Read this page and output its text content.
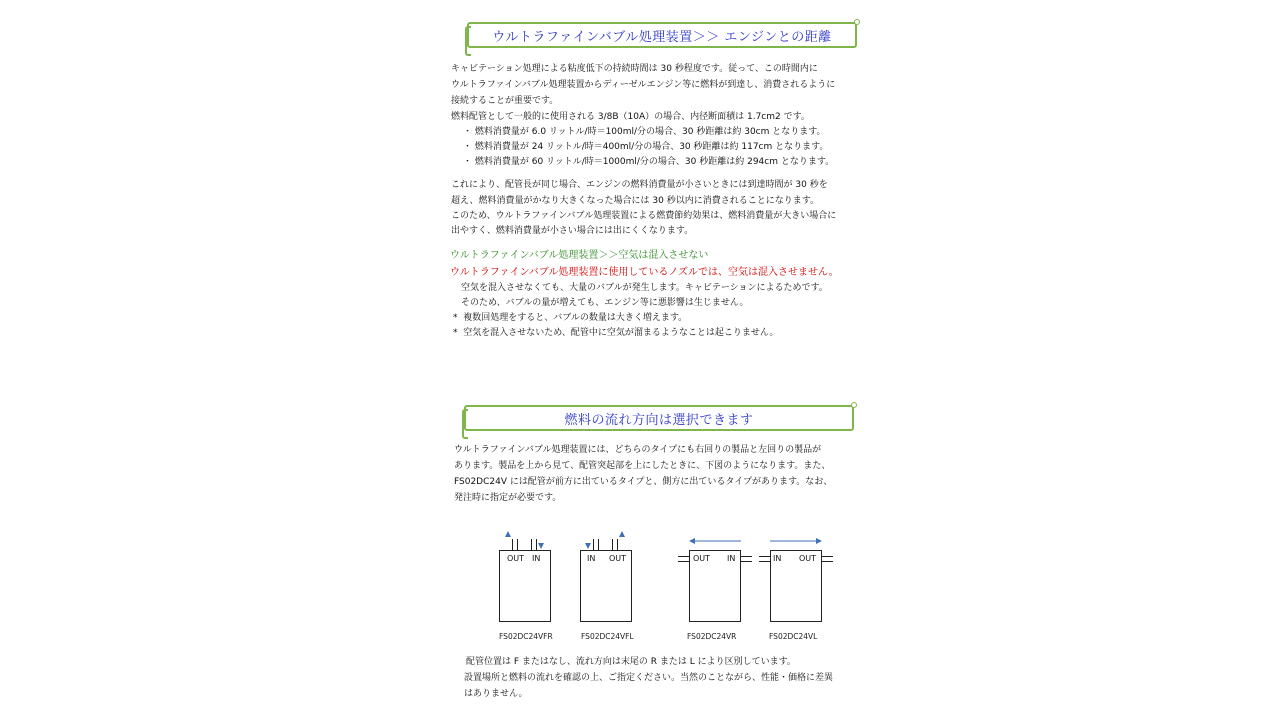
ウルトラファインバブル処理装置＞＞ エンジンとの距離
キャビテーション処理による粘度低下の持続時間は 30 秒程度です。従って、この時間内に
ウルトラファインバブル処理装置からディーゼルエンジン等に燃料が到達し、消費されるように
接続することが重要です。
燃料配管として一般的に使用される 3/8B（10A）の場合、内径断面積は 1.7cm2 です。
・ 燃料消費量が 6.0 リットル/時＝100ml/分の場合、30 秒距離は約 30cm となります。
・ 燃料消費量が 24 リットル/時＝400ml/分の場合、30 秒距離は約 117cm となります。
・ 燃料消費量が 60 リットル/時＝1000ml/分の場合、30 秒距離は約 294cm となります。
これにより、配管長が同じ場合、エンジンの燃料消費量が小さいときには到達時間が 30 秒を
超え、燃料消費量がかなり大きくなった場合には 30 秒以内に消費されることになります。
このため、ウルトラファインバブル処理装置による燃費節約効果は、燃料消費量が大きい場合に
出やすく、燃料消費量が小さい場合には出にくくなります。
ウルトラファインバブル処理装置＞＞空気は混入させない
ウルトラファインバブル処理装置に使用しているノズルでは、空気は混入させません。
空気を混入させなくても、大量のバブルが発生します。キャビテーションによるためです。
そのため、バブルの量が増えても、エンジン等に悪影響は生じません。
*  複数回処理をすると、バブルの数量は大きく増えます。
*  空気を混入させないため、配管中に空気が溜まるようなことは起こりません。
燃料の流れ方向は選択できます
ウルトラファインバブル処理装置には、どちらのタイプにも右回りの製品と左回りの製品が
あります。製品を上から見て、配管突起部を上にしたときに、下図のようになります。また、
FS02DC24V には配管が前方に出ているタイプと、側方に出ているタイプがあります。なお、
発注時に指定が必要です。
OUT IN
FS02DC24VFR
IN OUT
FS02DC24VFL
OUT IN
FS02DC24VR
IN OUT
FS02DC24VL
配管位置は F またはなし、流れ方向は末尾の R または L により区別しています。
設置場所と燃料の流れを確認の上、ご指定ください。当然のことながら、性能・価格に差異
はありません。
